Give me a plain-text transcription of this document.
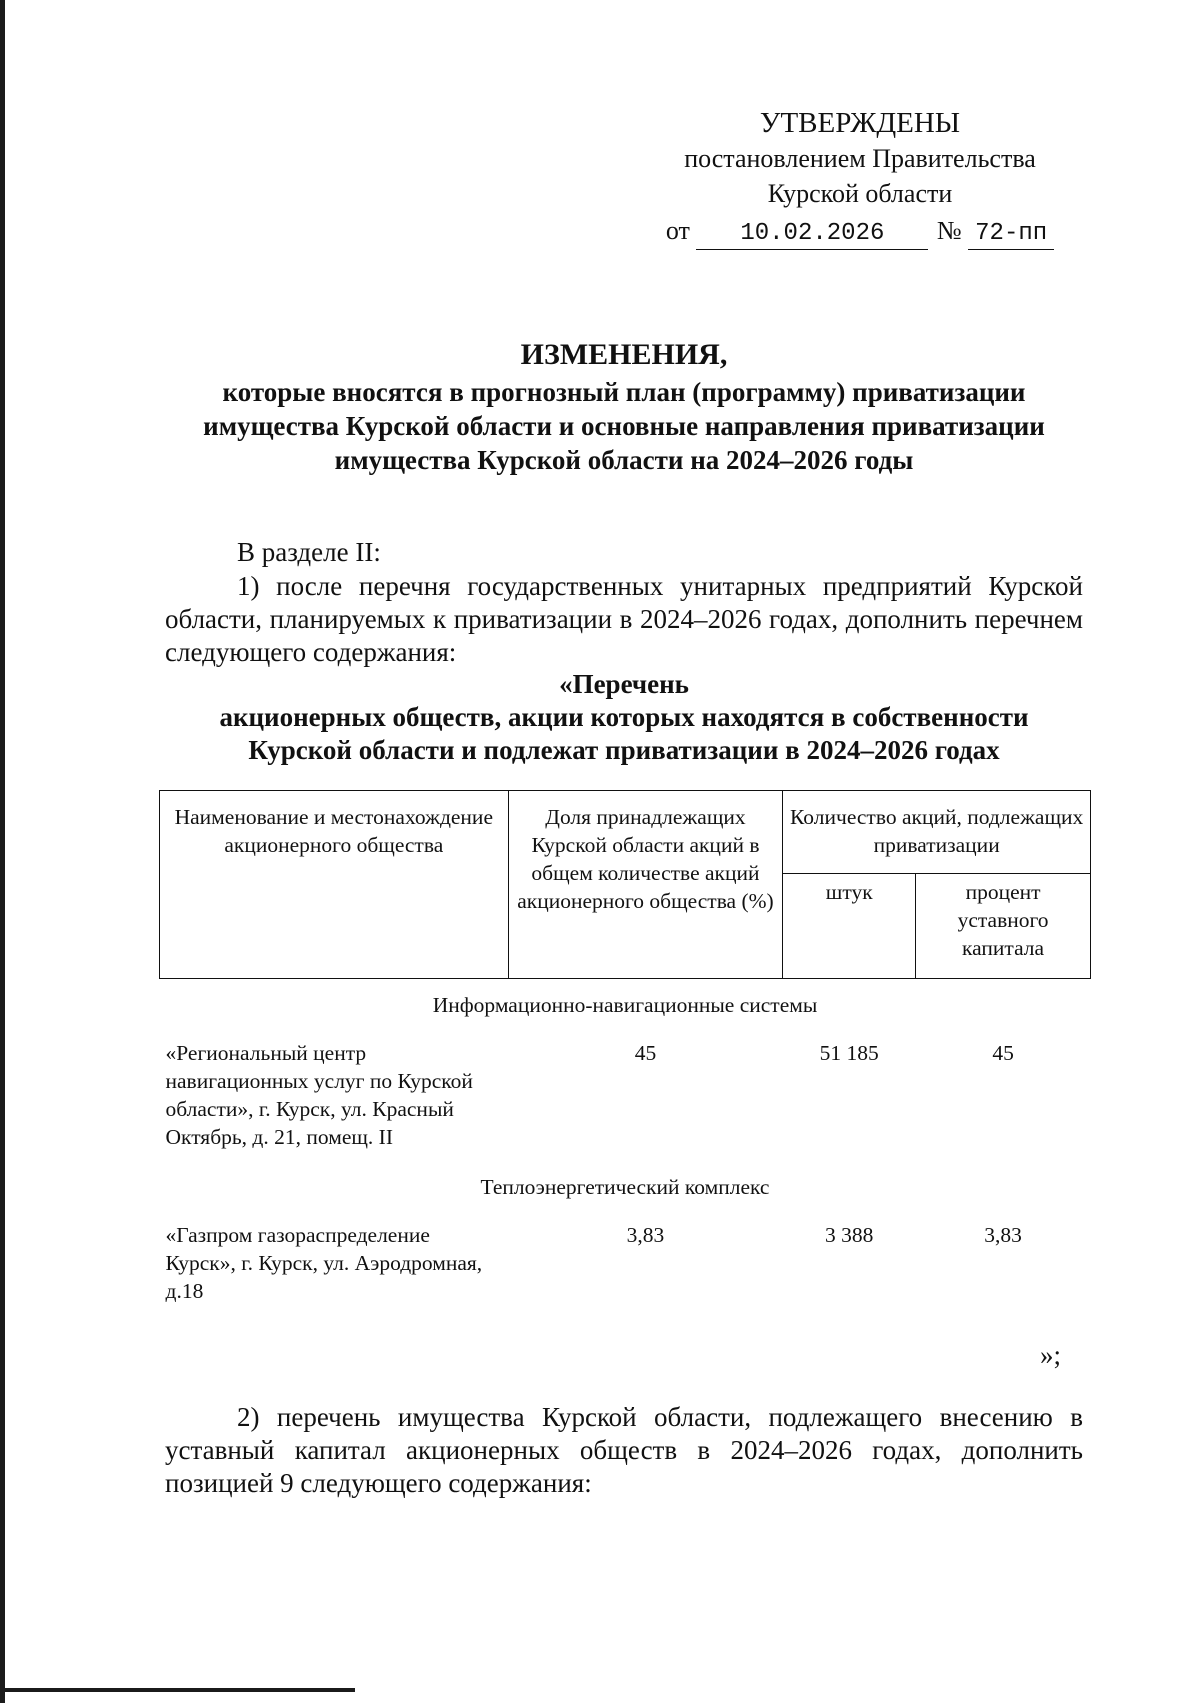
УТВЕРЖДЕНЫ
постановлением Правительства
Курской области
от 10.02.2026 № 72-пп
ИЗМЕНЕНИЯ,
которые вносятся в прогнозный план (программу) приватизации
имущества Курской области и основные направления приватизации
имущества Курской области на 2024–2026 годы
В разделе II:
1) после перечня государственных унитарных предприятий Курской области, планируемых к приватизации в 2024–2026 годах, дополнить перечнем следующего содержания:
«Перечень
акционерных обществ, акции которых находятся в собственности
Курской области и подлежат приватизации в 2024–2026 годах
Наименование и местонахождение акционерного общества	Доля принадлежащих Курской области акций в общем количестве акций акционерного общества (%)	Количество акций, подлежащих приватизации	
		штук	процент уставного капитала
Информационно-навигационные системы			
«Региональный центр навигационных услуг по Курской области», г. Курск, ул. Красный Октябрь, д. 21, помещ. II	45	51 185	45
Теплоэнергетический комплекс			
«Газпром газораспределение Курск», г. Курск, ул. Аэродромная, д.18	3,83	3 388	3,83
»;
2) перечень имущества Курской области, подлежащего внесению в уставный капитал акционерных обществ в 2024–2026 годах, дополнить позицией 9 следующего содержания:
